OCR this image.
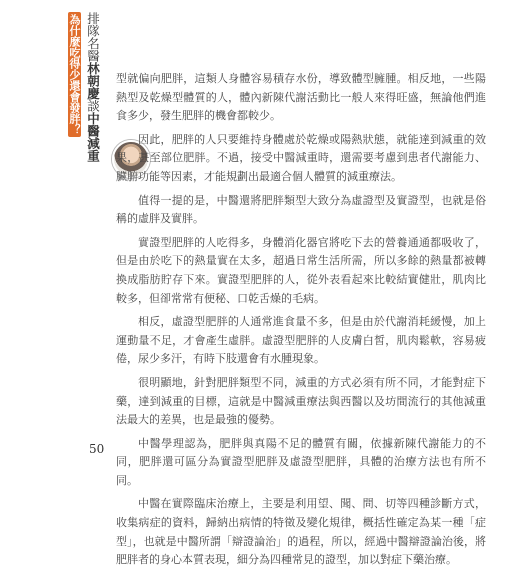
排隊名醫林朝慶談中醫減重
為什麼吃得少還會發胖？	型就偏向肥胖，這類人身體容易積存水份，導致體型臃腫。相反地，一些陽熱型及乾燥型體質的人，體內新陳代謝活動比一般人來得旺盛，無論他們進食多少，發生肥胖的機會都較少。

因此，肥胖的人只要維持身體處於乾燥或陽熱狀態，就能達到減重的效果，甚至部位肥胖。不過，接受中醫減重時，還需要考慮到患者代謝能力、臟腑功能等因素，才能規劃出最適合個人體質的減重療法。

值得一提的是，中醫還將肥胖類型大致分為虛證型及實證型，也就是俗稱的虛胖及實胖。

實證型肥胖的人吃得多，身體消化器官將吃下去的營養通通都吸收了，但是由於吃下的熱量實在太多，超過日常生活所需，所以多餘的熱量都被轉換成脂肪貯存下來。實證型肥胖的人，從外表看起來比較結實健壯，肌肉比較多，但卻常常有便秘、口乾舌燥的毛病。

相反，虛證型肥胖的人通常進食量不多，但是由於代謝消耗緩慢，加上運動量不足，才會產生虛胖。虛證型肥胖的人皮膚白皙，肌肉鬆軟，容易疲倦，尿少多汗，有時下肢還會有水腫現象。

很明顯地，針對肥胖類型不同，減重的方式必須有所不同，才能對症下藥，達到減重的目標，這就是中醫減重療法與西醫以及坊間流行的其他減重法最大的差異，也是最強的優勢。

中醫學理認為，肥胖與真陽不足的體質有關，依據新陳代謝能力的不同，肥胖還可區分為實證型肥胖及虛證型肥胖，具體的治療方法也有所不同。

中醫在實際臨床治療上，主要是利用望、聞、問、切等四種診斷方式，收集病症的資料，歸納出病情的特徵及變化規律，概括性確定為某一種「症型」，也就是中醫所謂「辯證論治」的過程，所以，經過中醫辯證論治後，將肥胖者的身心本質表現，細分為四種常見的證型，加以對症下藥治療。

50
